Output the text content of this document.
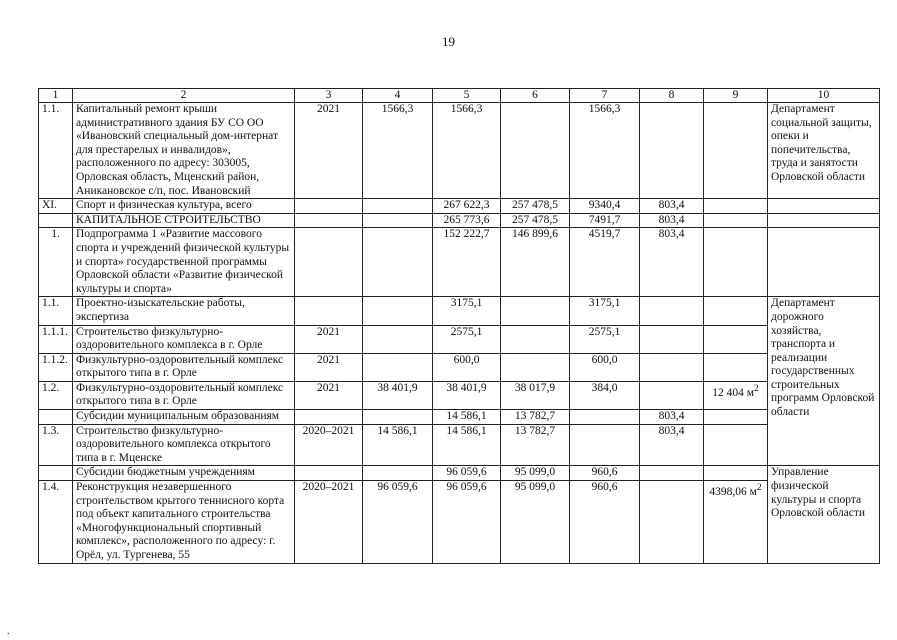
19
1	2	3	4	5	6	7	8	9	10	
1.1.	Капитальный ремонт крыши административного здания БУ СО ОО «Ивановский специальный дом-интернат для престарелых и инвалидов», расположенного по адресу: 303005, Орловская область, Мценский район, Аникановское с/п, пос. Ивановский	2021	1566,3	1566,3		1566,3			Департамент социальной защиты, опеки и попечительства, труда и занятости Орловской области	
XI.	Спорт и физическая культура, всего			267 622,3	257 478,5	9340,4	803,4			
	КАПИТАЛЬНОЕ СТРОИТЕЛЬСТВО			265 773,6	257 478,5	7491,7	803,4			
1.	Подпрограмма 1 «Развитие массового спорта и учреждений физической культуры и спорта» государственной программы Орловской области «Развитие физической культуры и спорта»			152 222,7	146 899,6	4519,7	803,4			
1.1.	Проектно-изыскательские работы, экспертиза			3175,1		3175,1			Департамент дорожного хозяйства, транспорта и реализации государственных строительных программ Орловской области	
1.1.1.	Строительство физкультурно-оздоровительного комплекса в г. Орле	2021		2575,1		2575,1				
1.1.2.	Физкультурно-оздоровительный комплекс открытого типа в г. Орле	2021		600,0		600,0				
1.2.	Физкультурно-оздоровительный комплекс открытого типа в г. Орле	2021	38 401,9	38 401,9	38 017,9	384,0		12 404 $м^2$
	Субсидии муниципальным образованиям			14 586,1	13 782,7		803,4			
1.3.	Строительство физкультурно-оздоровительного комплекса открытого типа в г. Мценске	2020–2021	14 586,1	14 586,1	13 782,7		803,4			
	Субсидии бюджетным учреждениям			96 059,6	95 099,0	960,6			Управление физической культуры и спорта Орловской области	
1.4.	Реконструкция незавершенного строительством крытого теннисного корта под объект капитального строительства «Многофункциональный спортивный комплекс», расположенного по адресу: г. Орёл, ул. Тургенева, 55	2020–2021	96 059,6	96 059,6	95 099,0	960,6		4398,06 $м^2$
.
